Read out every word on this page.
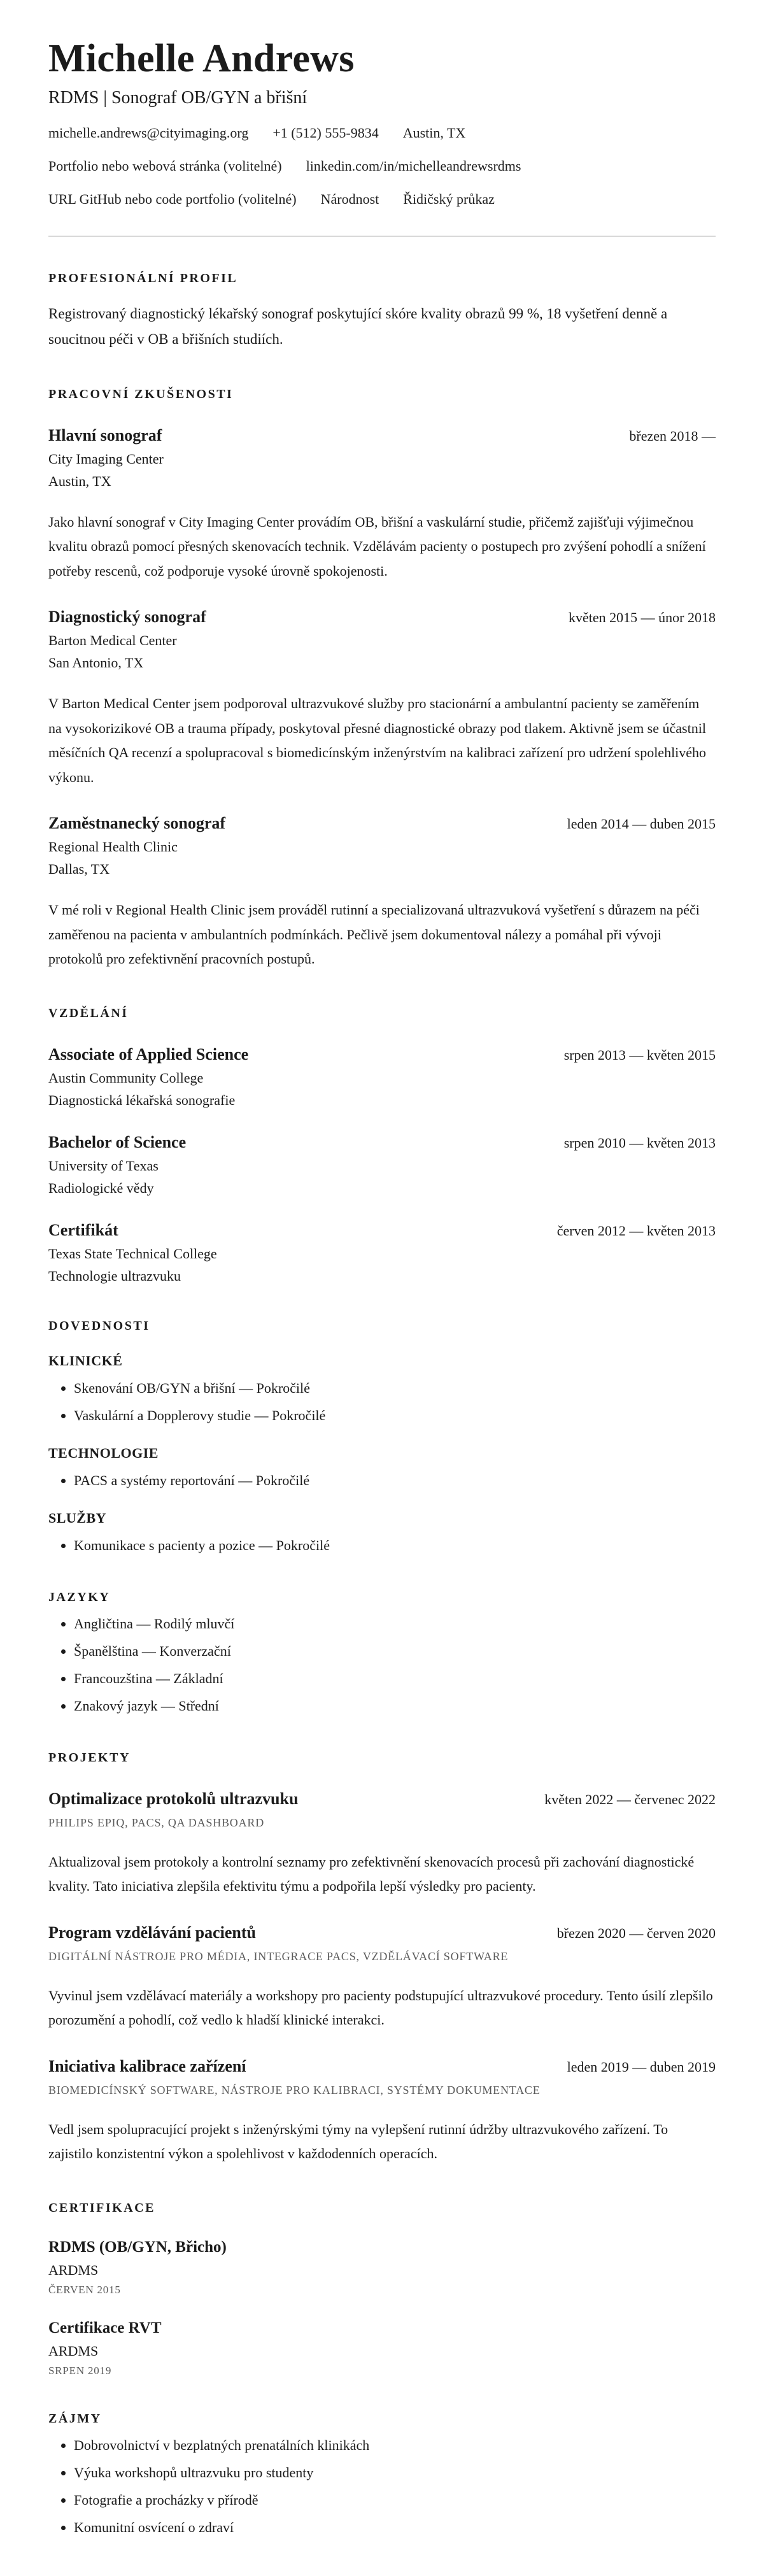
Michelle Andrews
RDMS | Sonograf OB/GYN a břišní
michelle.andrews@cityimaging.org +1 (512) 555-9834 Austin, TX
Portfolio nebo webová stránka (volitelné) linkedin.com/in/michelleandrewsrdms
URL GitHub nebo code portfolio (volitelné) Národnost Řidičský průkaz
PROFESIONÁLNÍ PROFIL

Registrovaný diagnostický lékařský sonograf poskytující skóre kvality obrazů 99 %, 18 vyšetření denně a soucitnou péči v OB a břišních studiích.

PRACOVNÍ ZKUŠENOSTI
Hlavní sonograf	březen 2018 —
City Imaging Center
Austin, TX

Jako hlavní sonograf v City Imaging Center provádím OB, břišní a vaskulární studie, přičemž zajišťuji výjimečnou kvalitu obrazů pomocí přesných skenovacích technik. Vzdělávám pacienty o postupech pro zvýšení pohodlí a snížení potřeby rescenů, což podporuje vysoké úrovně spokojenosti.

Diagnostický sonograf	květen 2015 — únor 2018
Barton Medical Center
San Antonio, TX

V Barton Medical Center jsem podporoval ultrazvukové služby pro stacionární a ambulantní pacienty se zaměřením na vysokorizikové OB a trauma případy, poskytoval přesné diagnostické obrazy pod tlakem. Aktivně jsem se účastnil měsíčních QA recenzí a spolupracoval s biomedicínským inženýrstvím na kalibraci zařízení pro udržení spolehlivého výkonu.

Zaměstnanecký sonograf	leden 2014 — duben 2015
Regional Health Clinic
Dallas, TX

V mé roli v Regional Health Clinic jsem prováděl rutinní a specializovaná ultrazvuková vyšetření s důrazem na péči zaměřenou na pacienta v ambulantních podmínkách. Pečlivě jsem dokumentoval nálezy a pomáhal při vývoji protokolů pro zefektivnění pracovních postupů.

VZDĚLÁNÍ
Associate of Applied Science	srpen 2013 — květen 2015
Austin Community College
Diagnostická lékařská sonografie
Bachelor of Science	srpen 2010 — květen 2013
University of Texas
Radiologické vědy
Certifikát	červen 2012 — květen 2013
Texas State Technical College
Technologie ultrazvuku
DOVEDNOSTI
KLINICKÉ
• Skenování OB/GYN a břišní — Pokročilé
• Vaskulární a Dopplerovy studie — Pokročilé
TECHNOLOGIE
• PACS a systémy reportování — Pokročilé
SLUŽBY
• Komunikace s pacienty a pozice — Pokročilé
JAZYKY
• Angličtina — Rodilý mluvčí
• Španělština — Konverzační
• Francouzština — Základní
• Znakový jazyk — Střední
PROJEKTY
Optimalizace protokolů ultrazvuku	květen 2022 — červenec 2022
PHILIPS EPIQ, PACS, QA DASHBOARD

Aktualizoval jsem protokoly a kontrolní seznamy pro zefektivnění skenovacích procesů při zachování diagnostické kvality. Tato iniciativa zlepšila efektivitu týmu a podpořila lepší výsledky pro pacienty.

Program vzdělávání pacientů	březen 2020 — červen 2020
DIGITÁLNÍ NÁSTROJE PRO MÉDIA, INTEGRACE PACS, VZDĚLÁVACÍ SOFTWARE

Vyvinul jsem vzdělávací materiály a workshopy pro pacienty podstupující ultrazvukové procedury. Tento úsilí zlepšilo porozumění a pohodlí, což vedlo k hladší klinické interakci.

Iniciativa kalibrace zařízení	leden 2019 — duben 2019
BIOMEDICÍNSKÝ SOFTWARE, NÁSTROJE PRO KALIBRACI, SYSTÉMY DOKUMENTACE

Vedl jsem spolupracující projekt s inženýrskými týmy na vylepšení rutinní údržby ultrazvukového zařízení. To zajistilo konzistentní výkon a spolehlivost v každodenních operacích.

CERTIFIKACE
RDMS (OB/GYN, Břicho)
ARDMS
ČERVEN 2015
Certifikace RVT
ARDMS
SRPEN 2019
ZÁJMY
• Dobrovolnictví v bezplatných prenatálních klinikách
• Výuka workshopů ultrazvuku pro studenty
• Fotografie a procházky v přírodě
• Komunitní osvícení o zdraví
